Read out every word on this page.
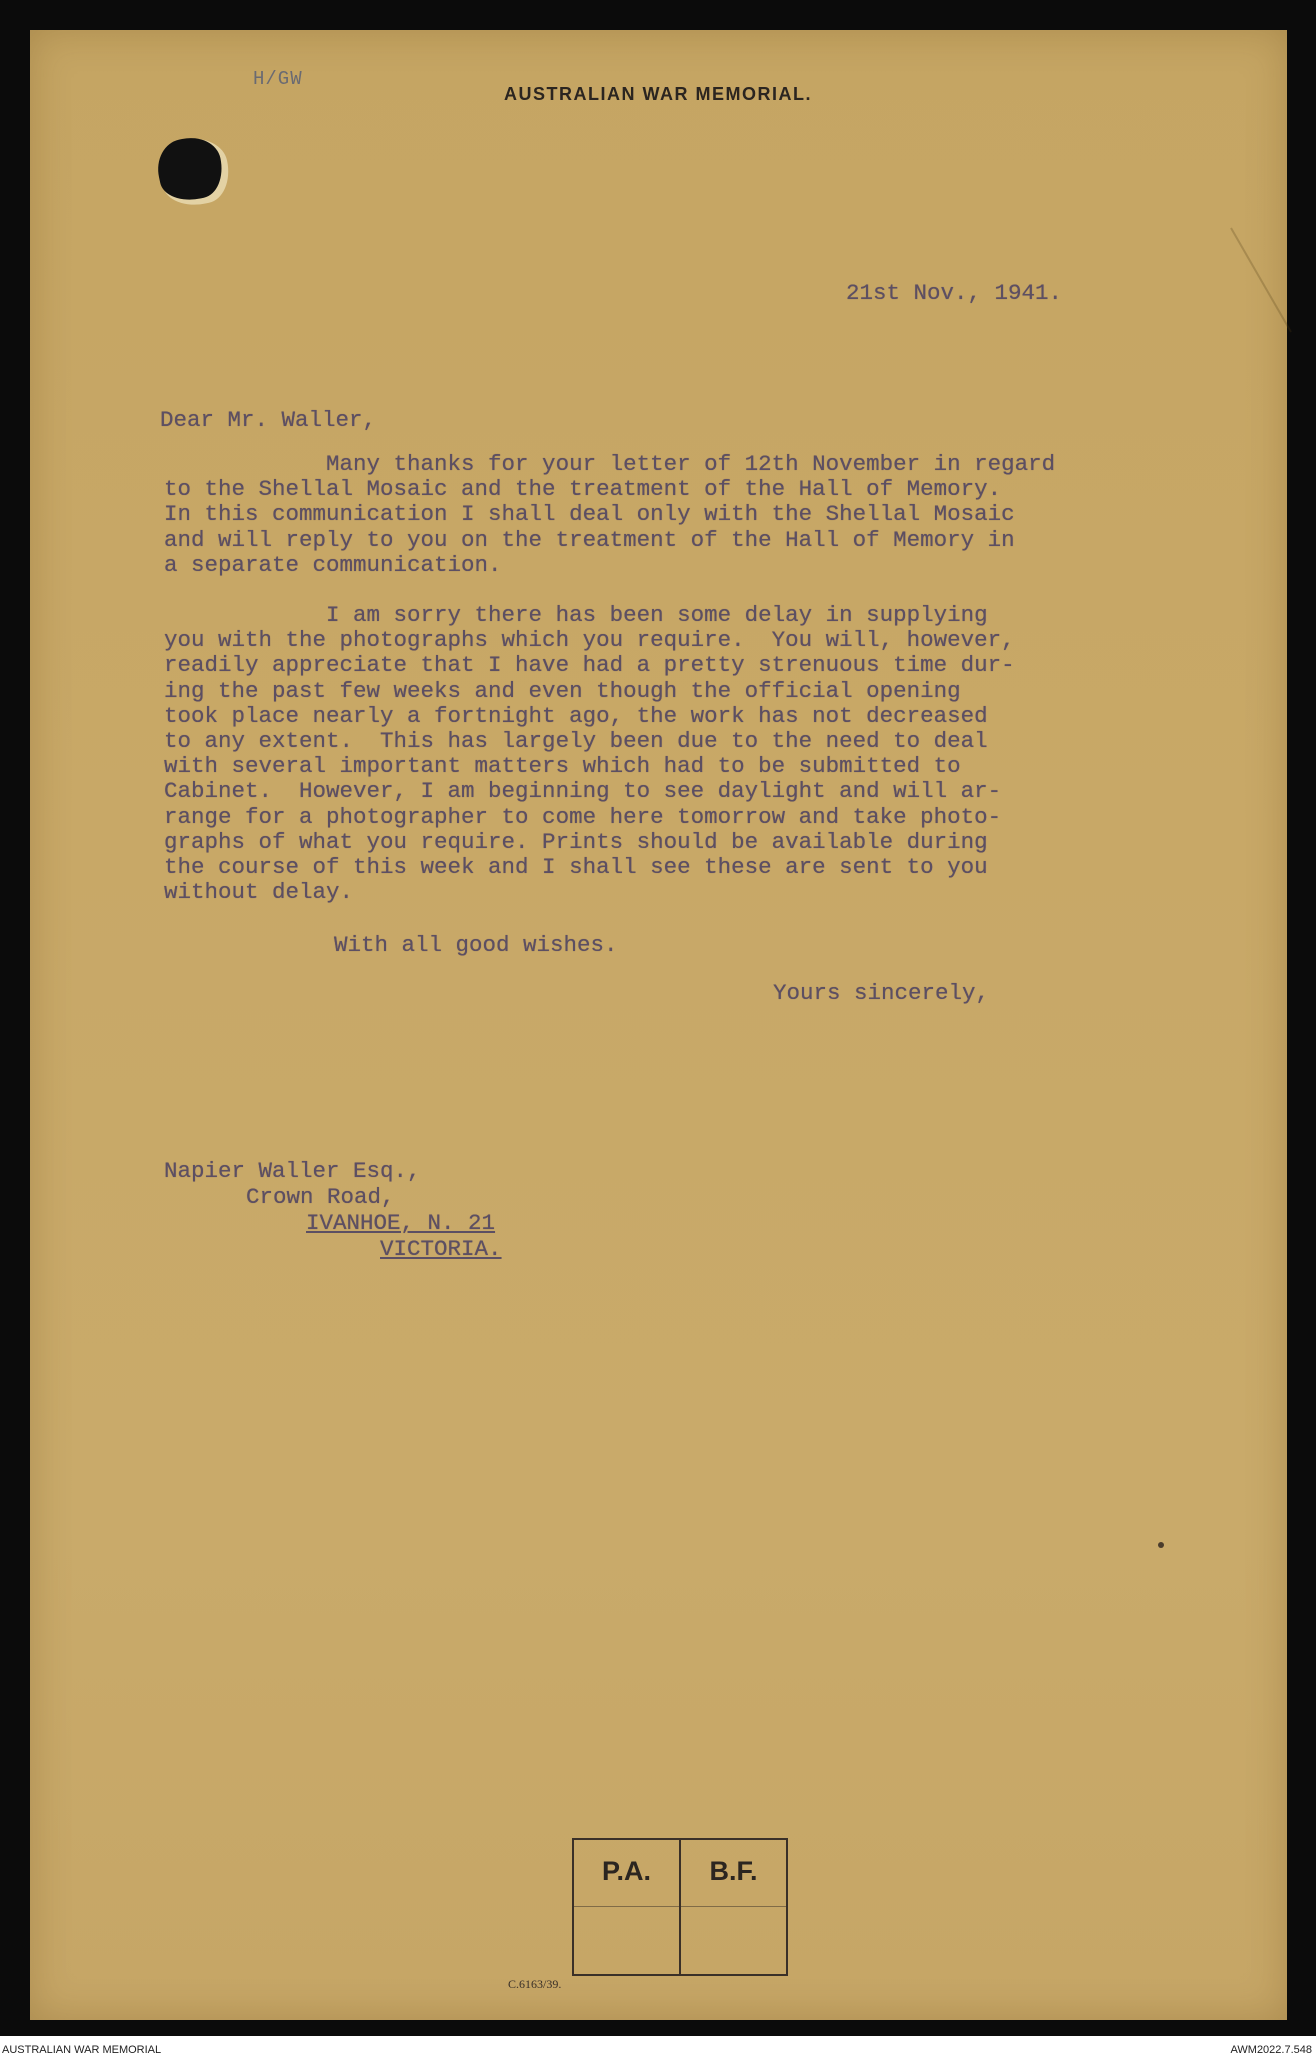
H/GW
AUSTRALIAN WAR MEMORIAL.
21st Nov., 1941.
Dear Mr. Waller,
Many thanks for your letter of 12th November in regard
to the Shellal Mosaic and the treatment of the Hall of Memory.
In this communication I shall deal only with the Shellal Mosaic
and will reply to you on the treatment of the Hall of Memory in
a separate communication.
I am sorry there has been some delay in supplying
you with the photographs which you require.  You will, however,
readily appreciate that I have had a pretty strenuous time dur-
ing the past few weeks and even though the official opening
took place nearly a fortnight ago, the work has not decreased
to any extent.  This has largely been due to the need to deal
with several important matters which had to be submitted to
Cabinet.  However, I am beginning to see daylight and will ar-
range for a photographer to come here tomorrow and take photo-
graphs of what you require. Prints should be available during
the course of this week and I shall see these are sent to you
without delay.
With all good wishes.
Yours sincerely,
Napier Waller Esq.,
Crown Road,
IVANHOE, N. 21
VICTORIA.
P.A.	B.F.
C.6163/39.
AUSTRALIAN WAR MEMORIAL	AWM2022.7.548
